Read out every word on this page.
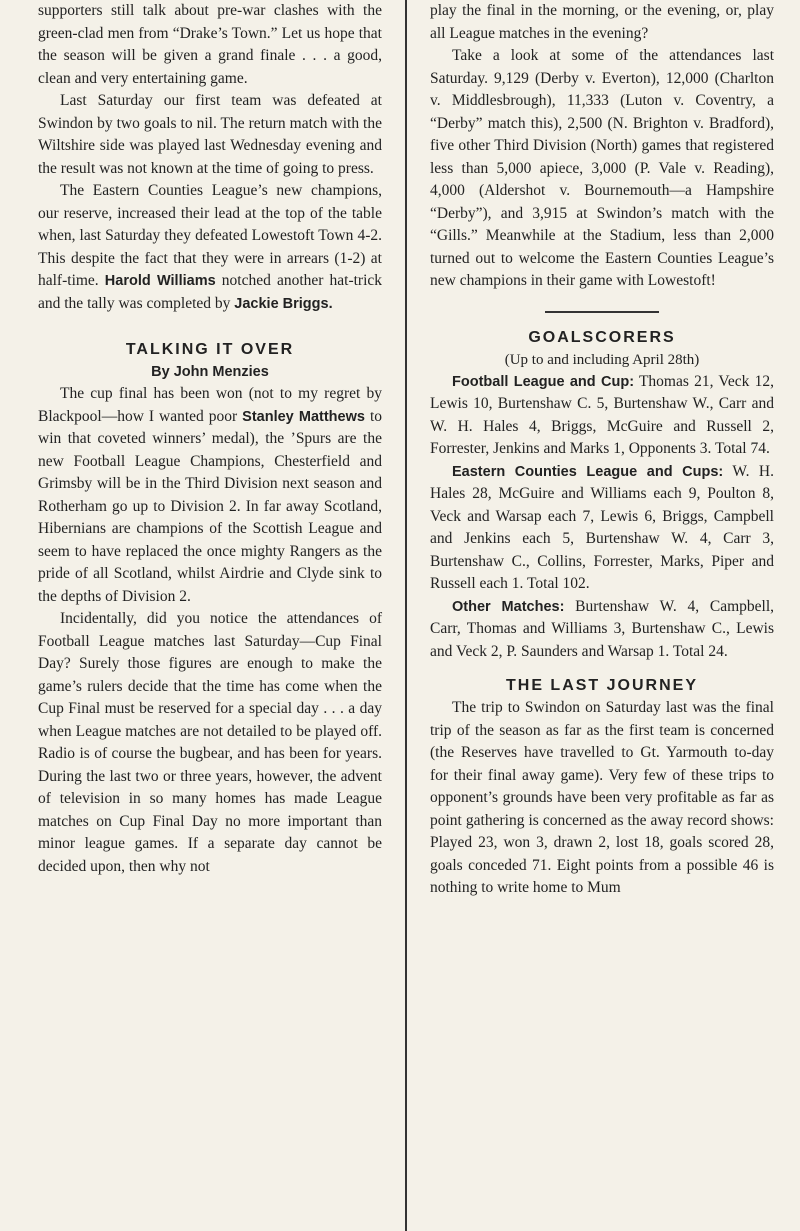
supporters still talk about pre-war clashes with the green-clad men from “Drake’s Town.” Let us hope that the season will be given a grand finale . . . a good, clean and very entertaining game.

Last Saturday our first team was defeated at Swindon by two goals to nil. The return match with the Wiltshire side was played last Wednesday evening and the result was not known at the time of going to press.

The Eastern Counties League’s new champions, our reserve, increased their lead at the top of the table when, last Saturday they defeated Lowestoft Town 4-2. This despite the fact that they were in arrears (1-2) at half-time. Harold Williams notched another hat-trick and the tally was completed by Jackie Briggs.

TALKING IT OVER

By John Menzies

The cup final has been won (not to my regret by Blackpool—how I wanted poor Stanley Matthews to win that coveted winners’ medal), the ’Spurs are the new Football League Champions, Chesterfield and Grimsby will be in the Third Division next season and Rotherham go up to Division 2. In far away Scotland, Hibernians are champions of the Scottish League and seem to have replaced the once mighty Rangers as the pride of all Scotland, whilst Airdrie and Clyde sink to the depths of Division 2.

Incidentally, did you notice the attendances of Football League matches last Saturday—Cup Final Day? Surely those figures are enough to make the game’s rulers decide that the time has come when the Cup Final must be reserved for a special day . . . a day when League matches are not detailed to be played off. Radio is of course the bugbear, and has been for years. During the last two or three years, however, the advent of television in so many homes has made League matches on Cup Final Day no more important than minor league games. If a separate day cannot be decided upon, then why not

play the final in the morning, or the evening, or, play all League matches in the evening?

Take a look at some of the attendances last Saturday. 9,129 (Derby v. Everton), 12,000 (Charlton v. Middlesbrough), 11,333 (Luton v. Coventry, a “Derby” match this), 2,500 (N. Brighton v. Bradford), five other Third Division (North) games that registered less than 5,000 apiece, 3,000 (P. Vale v. Reading), 4,000 (Aldershot v. Bournemouth—a Hampshire “Derby”), and 3,915 at Swindon’s match with the “Gills.” Meanwhile at the Stadium, less than 2,000 turned out to welcome the Eastern Counties League’s new champions in their game with Lowestoft!

GOALSCORERS

(Up to and including April 28th)

Football League and Cup: Thomas 21, Veck 12, Lewis 10, Burtenshaw C. 5, Burtenshaw W., Carr and W. H. Hales 4, Briggs, McGuire and Russell 2, Forrester, Jenkins and Marks 1, Opponents 3. Total 74.

Eastern Counties League and Cups: W. H. Hales 28, McGuire and Williams each 9, Poulton 8, Veck and Warsap each 7, Lewis 6, Briggs, Campbell and Jenkins each 5, Burtenshaw W. 4, Carr 3, Burtenshaw C., Collins, Forrester, Marks, Piper and Russell each 1. Total 102.

Other Matches: Burtenshaw W. 4, Campbell, Carr, Thomas and Williams 3, Burtenshaw C., Lewis and Veck 2, P. Saunders and Warsap 1. Total 24.

THE LAST JOURNEY

The trip to Swindon on Saturday last was the final trip of the season as far as the first team is concerned (the Reserves have travelled to Gt. Yarmouth to-day for their final away game). Very few of these trips to opponent’s grounds have been very profitable as far as point gathering is concerned as the away record shows: Played 23, won 3, drawn 2, lost 18, goals scored 28, goals conceded 71. Eight points from a possible 46 is nothing to write home to Mum
